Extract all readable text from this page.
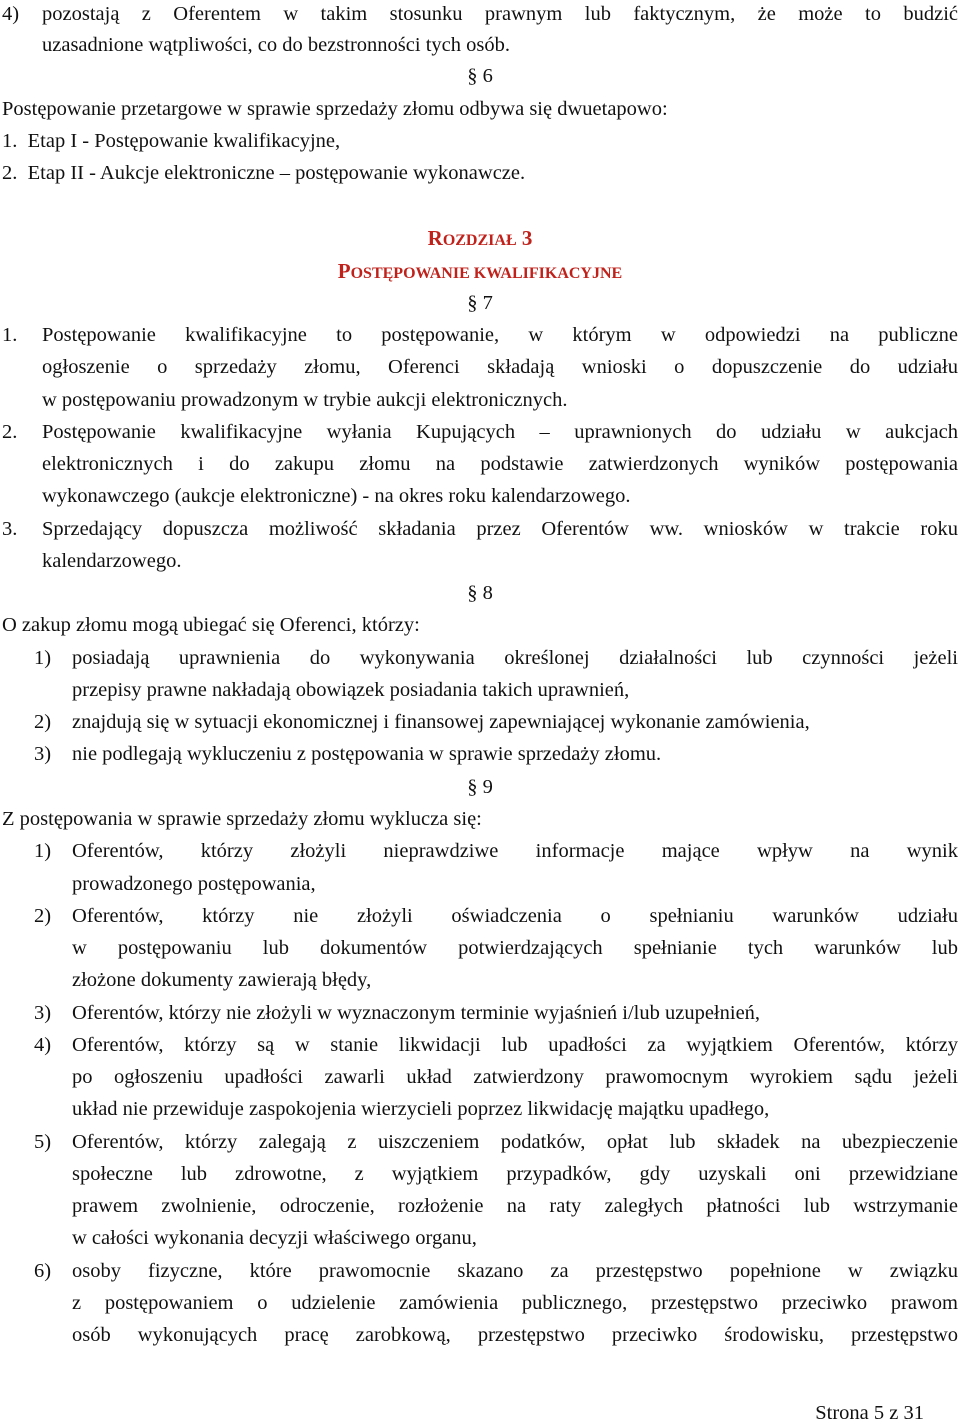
4) pozostają z Oferentem w takim stosunku prawnym lub faktycznym, że może to budzić
uzasadnione wątpliwości, co do bezstronności tych osób.
§ 6
Postępowanie przetargowe w sprawie sprzedaży złomu odbywa się dwuetapowo:
1.  Etap I - Postępowanie kwalifikacyjne,
2.  Etap II - Aukcje elektroniczne – postępowanie wykonawcze.
ROZDZIAŁ 3
POSTĘPOWANIE KWALIFIKACYJNE
§ 7
1. Postępowanie kwalifikacyjne to postępowanie, w którym w odpowiedzi na publiczne
ogłoszenie o sprzedaży złomu, Oferenci składają wnioski o dopuszczenie do udziału
w postępowaniu prowadzonym w trybie aukcji elektronicznych.
2. Postępowanie kwalifikacyjne wyłania Kupujących – uprawnionych do udziału w aukcjach
elektronicznych i do zakupu złomu na podstawie zatwierdzonych wyników postępowania
wykonawczego (aukcje elektroniczne) - na okres roku kalendarzowego.
3. Sprzedający dopuszcza możliwość składania przez Oferentów ww. wniosków w trakcie roku
kalendarzowego.
§ 8
O zakup złomu mogą ubiegać się Oferenci, którzy:
1) posiadają uprawnienia do wykonywania określonej działalności lub czynności jeżeli
przepisy prawne nakładają obowiązek posiadania takich uprawnień,
2) znajdują się w sytuacji ekonomicznej i finansowej zapewniającej wykonanie zamówienia,
3) nie podlegają wykluczeniu z postępowania w sprawie sprzedaży złomu.
§ 9
Z postępowania w sprawie sprzedaży złomu wyklucza się:
1) Oferentów, którzy złożyli nieprawdziwe informacje mające wpływ na wynik
prowadzonego postępowania,
2) Oferentów, którzy nie złożyli oświadczenia o spełnianiu warunków udziału
w postępowaniu lub dokumentów potwierdzających spełnianie tych warunków lub
złożone dokumenty zawierają błędy,
3) Oferentów, którzy nie złożyli w wyznaczonym terminie wyjaśnień i/lub uzupełnień,
4) Oferentów, którzy są w stanie likwidacji lub upadłości za wyjątkiem Oferentów, którzy
po ogłoszeniu upadłości zawarli układ zatwierdzony prawomocnym wyrokiem sądu jeżeli
układ nie przewiduje zaspokojenia wierzycieli poprzez likwidację majątku upadłego,
5) Oferentów, którzy zalegają z uiszczeniem podatków, opłat lub składek na ubezpieczenie
społeczne lub zdrowotne, z wyjątkiem przypadków, gdy uzyskali oni przewidziane
prawem zwolnienie, odroczenie, rozłożenie na raty zaległych płatności lub wstrzymanie
w całości wykonania decyzji właściwego organu,
6) osoby fizyczne, które prawomocnie skazano za przestępstwo popełnione w związku
z postępowaniem o udzielenie zamówienia publicznego, przestępstwo przeciwko prawom
osób wykonujących pracę zarobkową, przestępstwo przeciwko środowisku, przestępstwo
Strona 5 z 31
